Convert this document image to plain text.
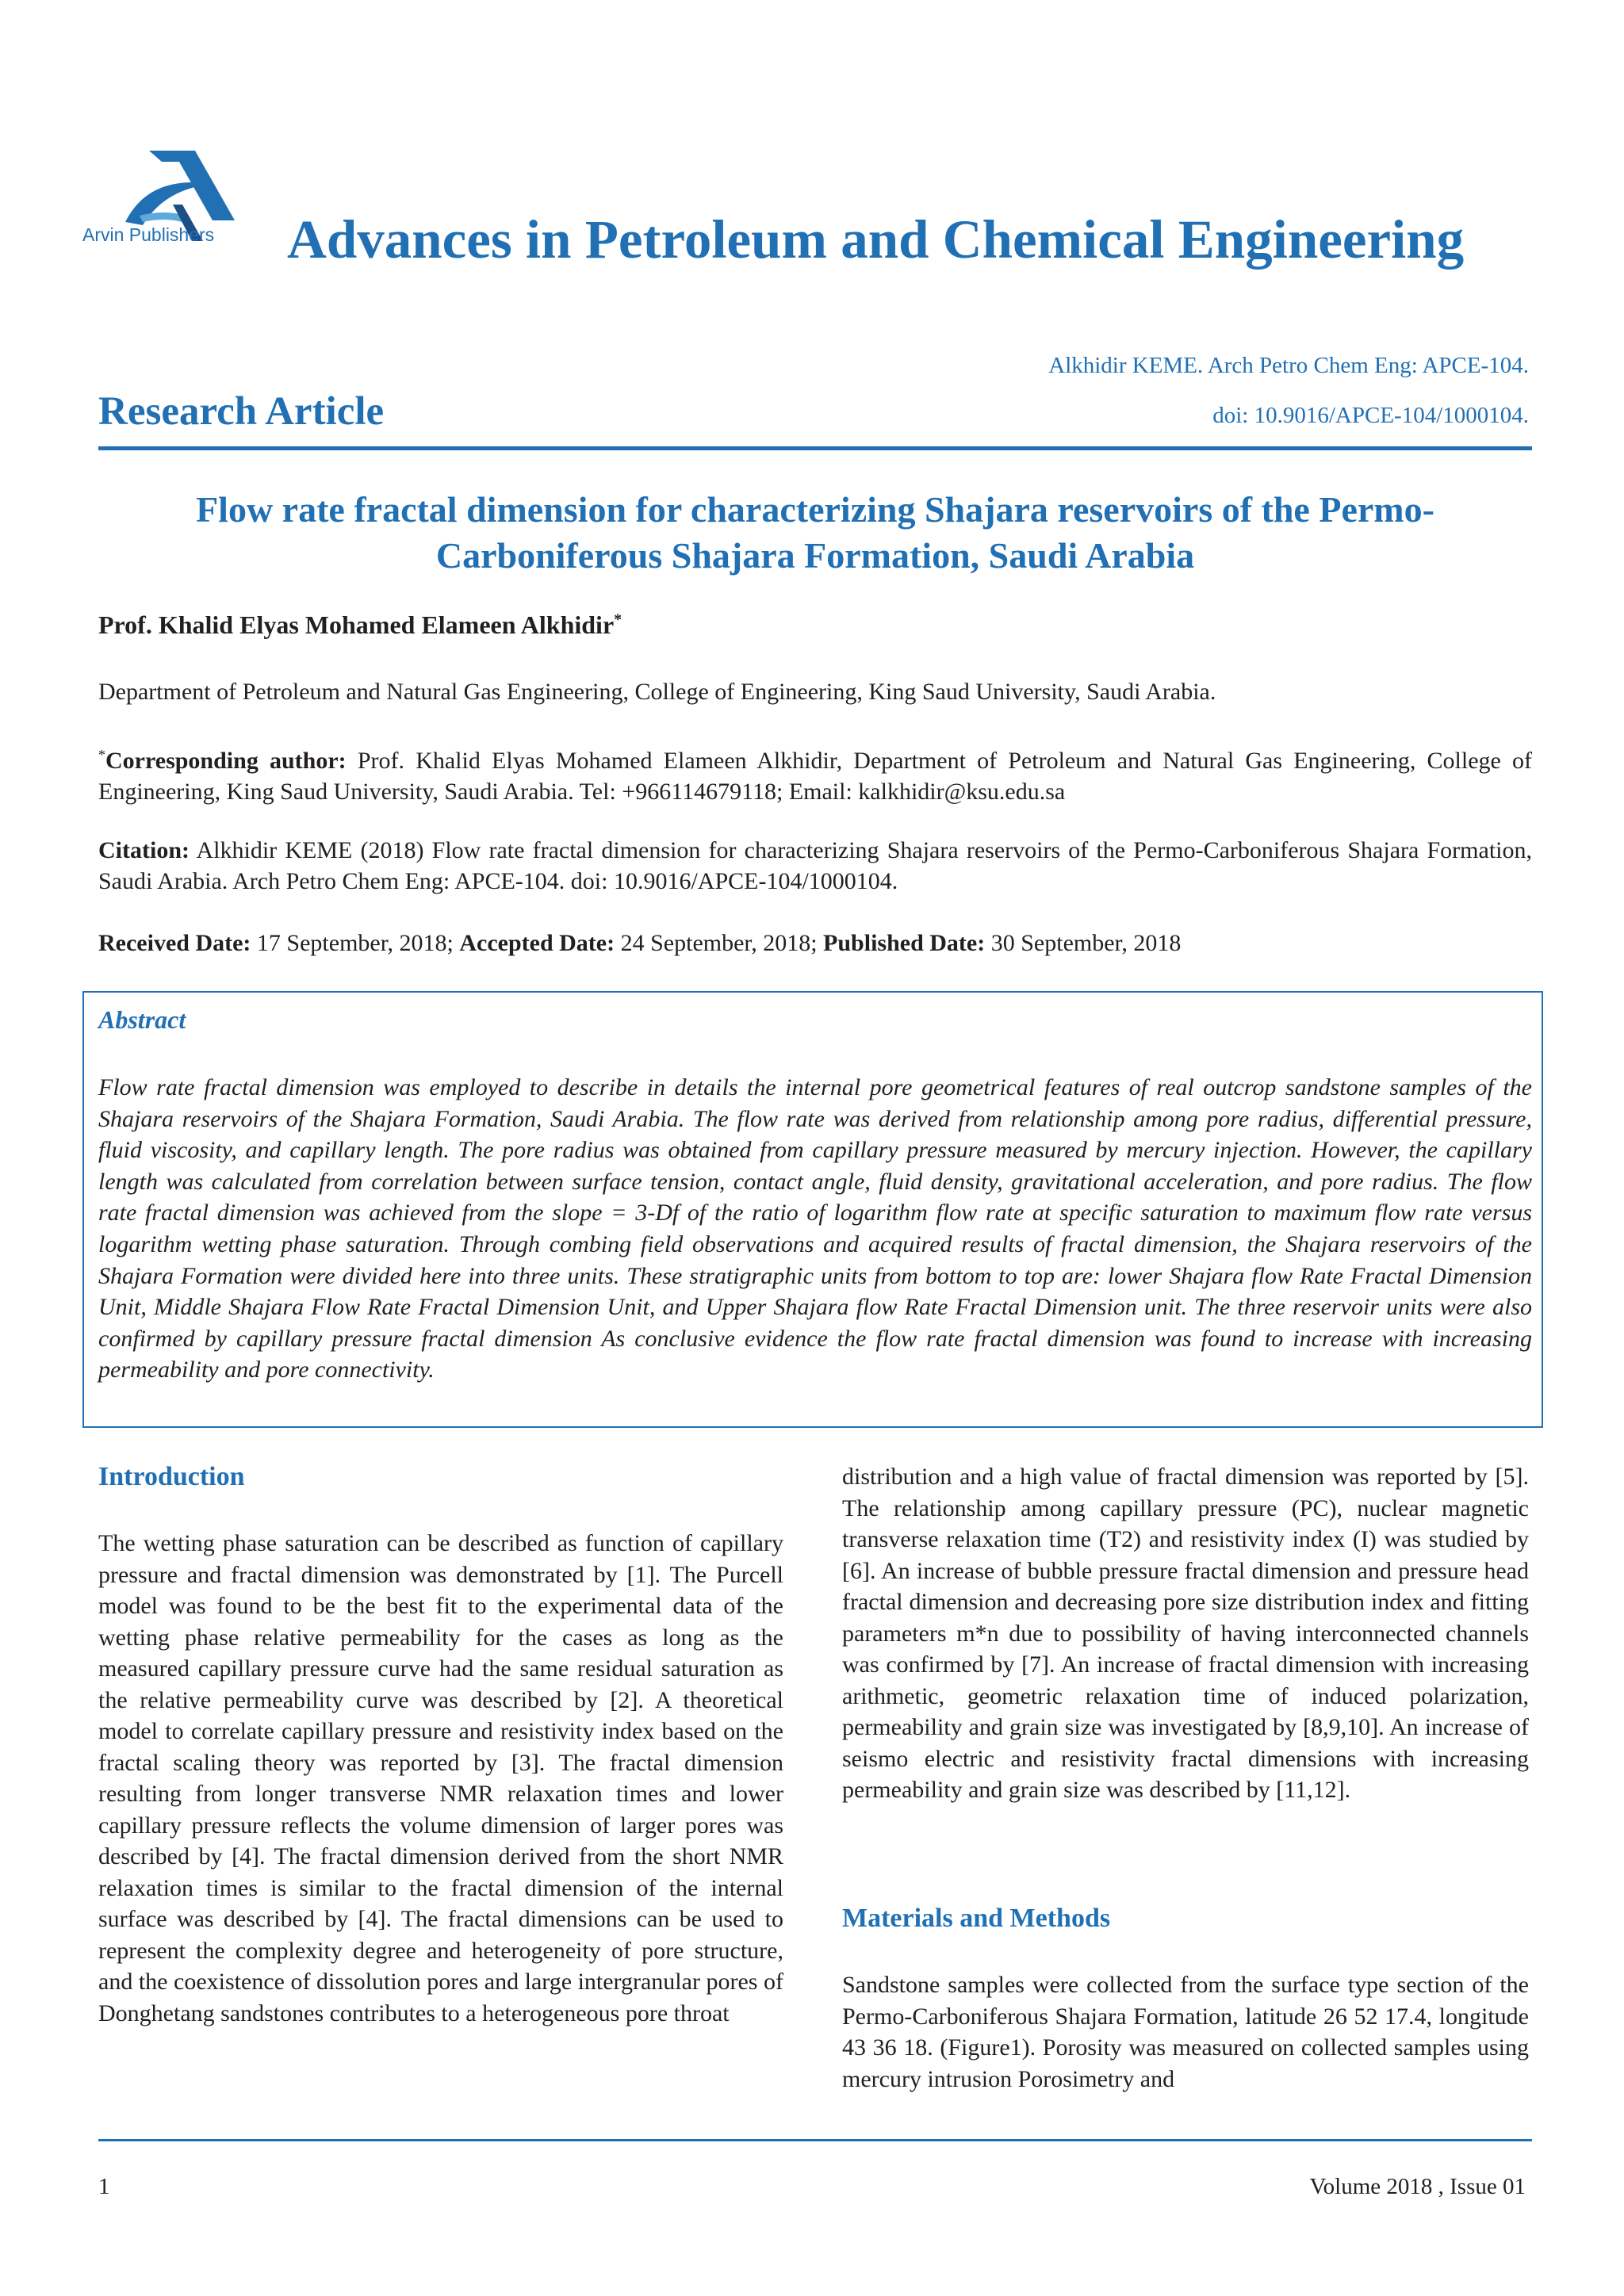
Arvin Publishers	Advances in Petroleum and Chemical Engineering
Alkhidir KEME. Arch Petro Chem Eng: APCE-104.
Research Article	doi: 10.9016/APCE-104/1000104.
Flow rate fractal dimension for characterizing Shajara reservoirs of the Permo-Carboniferous Shajara Formation, Saudi Arabia
Prof. Khalid Elyas Mohamed Elameen Alkhidir*
Department of Petroleum and Natural Gas Engineering, College of Engineering, King Saud University, Saudi Arabia.
*Corresponding author: Prof. Khalid Elyas Mohamed Elameen Alkhidir, Department of Petroleum and Natural Gas Engineering, College of Engineering, King Saud University, Saudi Arabia. Tel: +966114679118; Email: kalkhidir@ksu.edu.sa
Citation: Alkhidir KEME (2018) Flow rate fractal dimension for characterizing Shajara reservoirs of the Permo-Carboniferous Shajara Formation, Saudi Arabia. Arch Petro Chem Eng: APCE-104. doi: 10.9016/APCE-104/1000104.
Received Date: 17 September, 2018; Accepted Date: 24 September, 2018; Published Date: 30 September, 2018
Abstract
Flow rate fractal dimension was employed to describe in details the internal pore geometrical features of real outcrop sandstone samples of the Shajara reservoirs of the Shajara Formation, Saudi Arabia. The flow rate was derived from relationship among pore radius, differential pressure, fluid viscosity, and capillary length. The pore radius was obtained from capillary pressure measured by mercury injection. However, the capillary length was calculated from correlation between surface tension, contact angle, fluid density, gravitational acceleration, and pore radius. The flow rate fractal dimension was achieved from the slope = 3-Df of the ratio of logarithm flow rate at specific saturation to maximum flow rate versus logarithm wetting phase saturation. Through combing field observations and acquired results of fractal dimension, the Shajara reservoirs of the Shajara Formation were divided here into three units. These stratigraphic units from bottom to top are: lower Shajara flow Rate Fractal Dimension Unit, Middle Shajara Flow Rate Fractal Dimension Unit, and Upper Shajara flow Rate Fractal Dimension unit. The three reservoir units were also confirmed by capillary pressure fractal dimension As conclusive evidence the flow rate fractal dimension was found to increase with increasing permeability and pore connectivity.
Introduction
The wetting phase saturation can be described as function of capillary pressure and fractal dimension was demonstrated by [1]. The Purcell model was found to be the best fit to the experimental data of the wetting phase relative permeability for the cases as long as the measured capillary pressure curve had the same residual saturation as the relative permeability curve was described by [2]. A theoretical model to correlate capillary pressure and resistivity index based on the fractal scaling theory was reported by [3]. The fractal dimension resulting from longer transverse NMR relaxation times and lower capillary pressure reflects the volume dimension of larger pores was described by [4]. The fractal dimension derived from the short NMR relaxation times is similar to the fractal dimension of the internal surface was described by [4]. The fractal dimensions can be used to represent the complexity degree and heterogeneity of pore structure, and the coexistence of dissolution pores and large intergranular pores of Donghetang sandstones contributes to a heterogeneous pore throat
distribution and a high value of fractal dimension was reported by [5]. The relationship among capillary pressure (PC), nuclear magnetic transverse relaxation time (T2) and resistivity index (I) was studied by [6]. An increase of bubble pressure fractal dimension and pressure head fractal dimension and decreasing pore size distribution index and fitting parameters m*n due to possibility of having interconnected channels was confirmed by [7]. An increase of fractal dimension with increasing arithmetic, geometric relaxation time of induced polarization, permeability and grain size was investigated by [8,9,10]. An increase of seismo electric and resistivity fractal dimensions with increasing permeability and grain size was described by [11,12].
Materials and Methods
Sandstone samples were collected from the surface type section of the Permo-Carboniferous Shajara Formation, latitude 26 52 17.4, longitude 43 36 18. (Figure1). Porosity was measured on collected samples using mercury intrusion Porosimetry and
1	Volume 2018 , Issue 01
